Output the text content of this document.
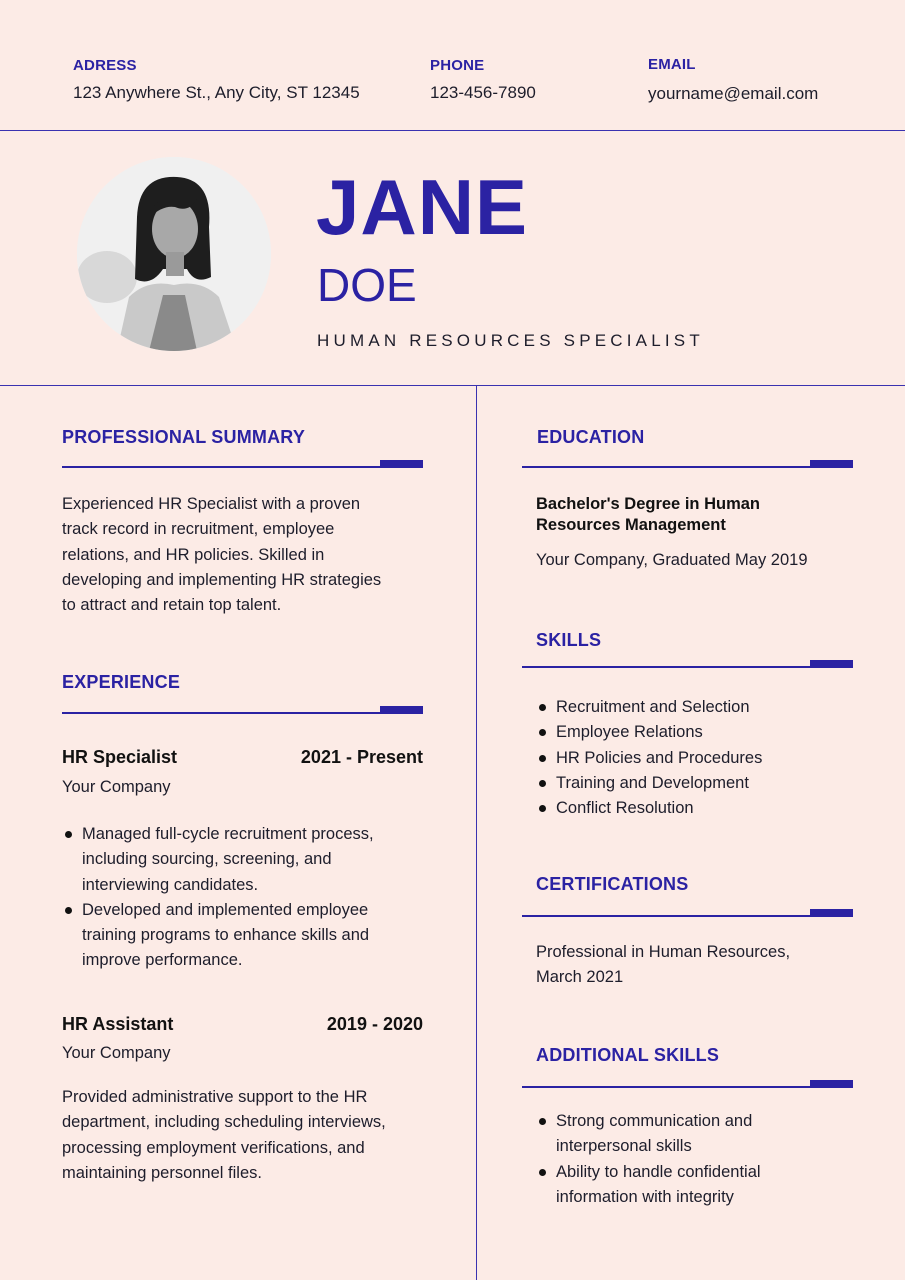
ADRESS
123 Anywhere St., Any City, ST 12345
PHONE
123-456-7890
EMAIL
yourname@email.com
JANE
DOE
HUMAN RESOURCES SPECIALIST
PROFESSIONAL SUMMARY
Experienced HR Specialist with a proven
track record in recruitment, employee
relations, and HR policies. Skilled in
developing and implementing HR strategies
to attract and retain top talent.
EXPERIENCE
HR Specialist	2021 - Present
Your Company
Managed full-cycle recruitment process,
including sourcing, screening, and
interviewing candidates.
Developed and implemented employee
training programs to enhance skills and
improve performance.
HR Assistant	2019 - 2020
Your Company
Provided administrative support to the HR
department, including scheduling interviews,
processing employment verifications, and
maintaining personnel files.
EDUCATION
Bachelor's Degree in Human
Resources Management
Your Company, Graduated May 2019
SKILLS
Recruitment and Selection
Employee Relations
HR Policies and Procedures
Training and Development
Conflict Resolution
CERTIFICATIONS
Professional in Human Resources,
March 2021
ADDITIONAL SKILLS
Strong communication and
interpersonal skills
Ability to handle confidential
information with integrity
